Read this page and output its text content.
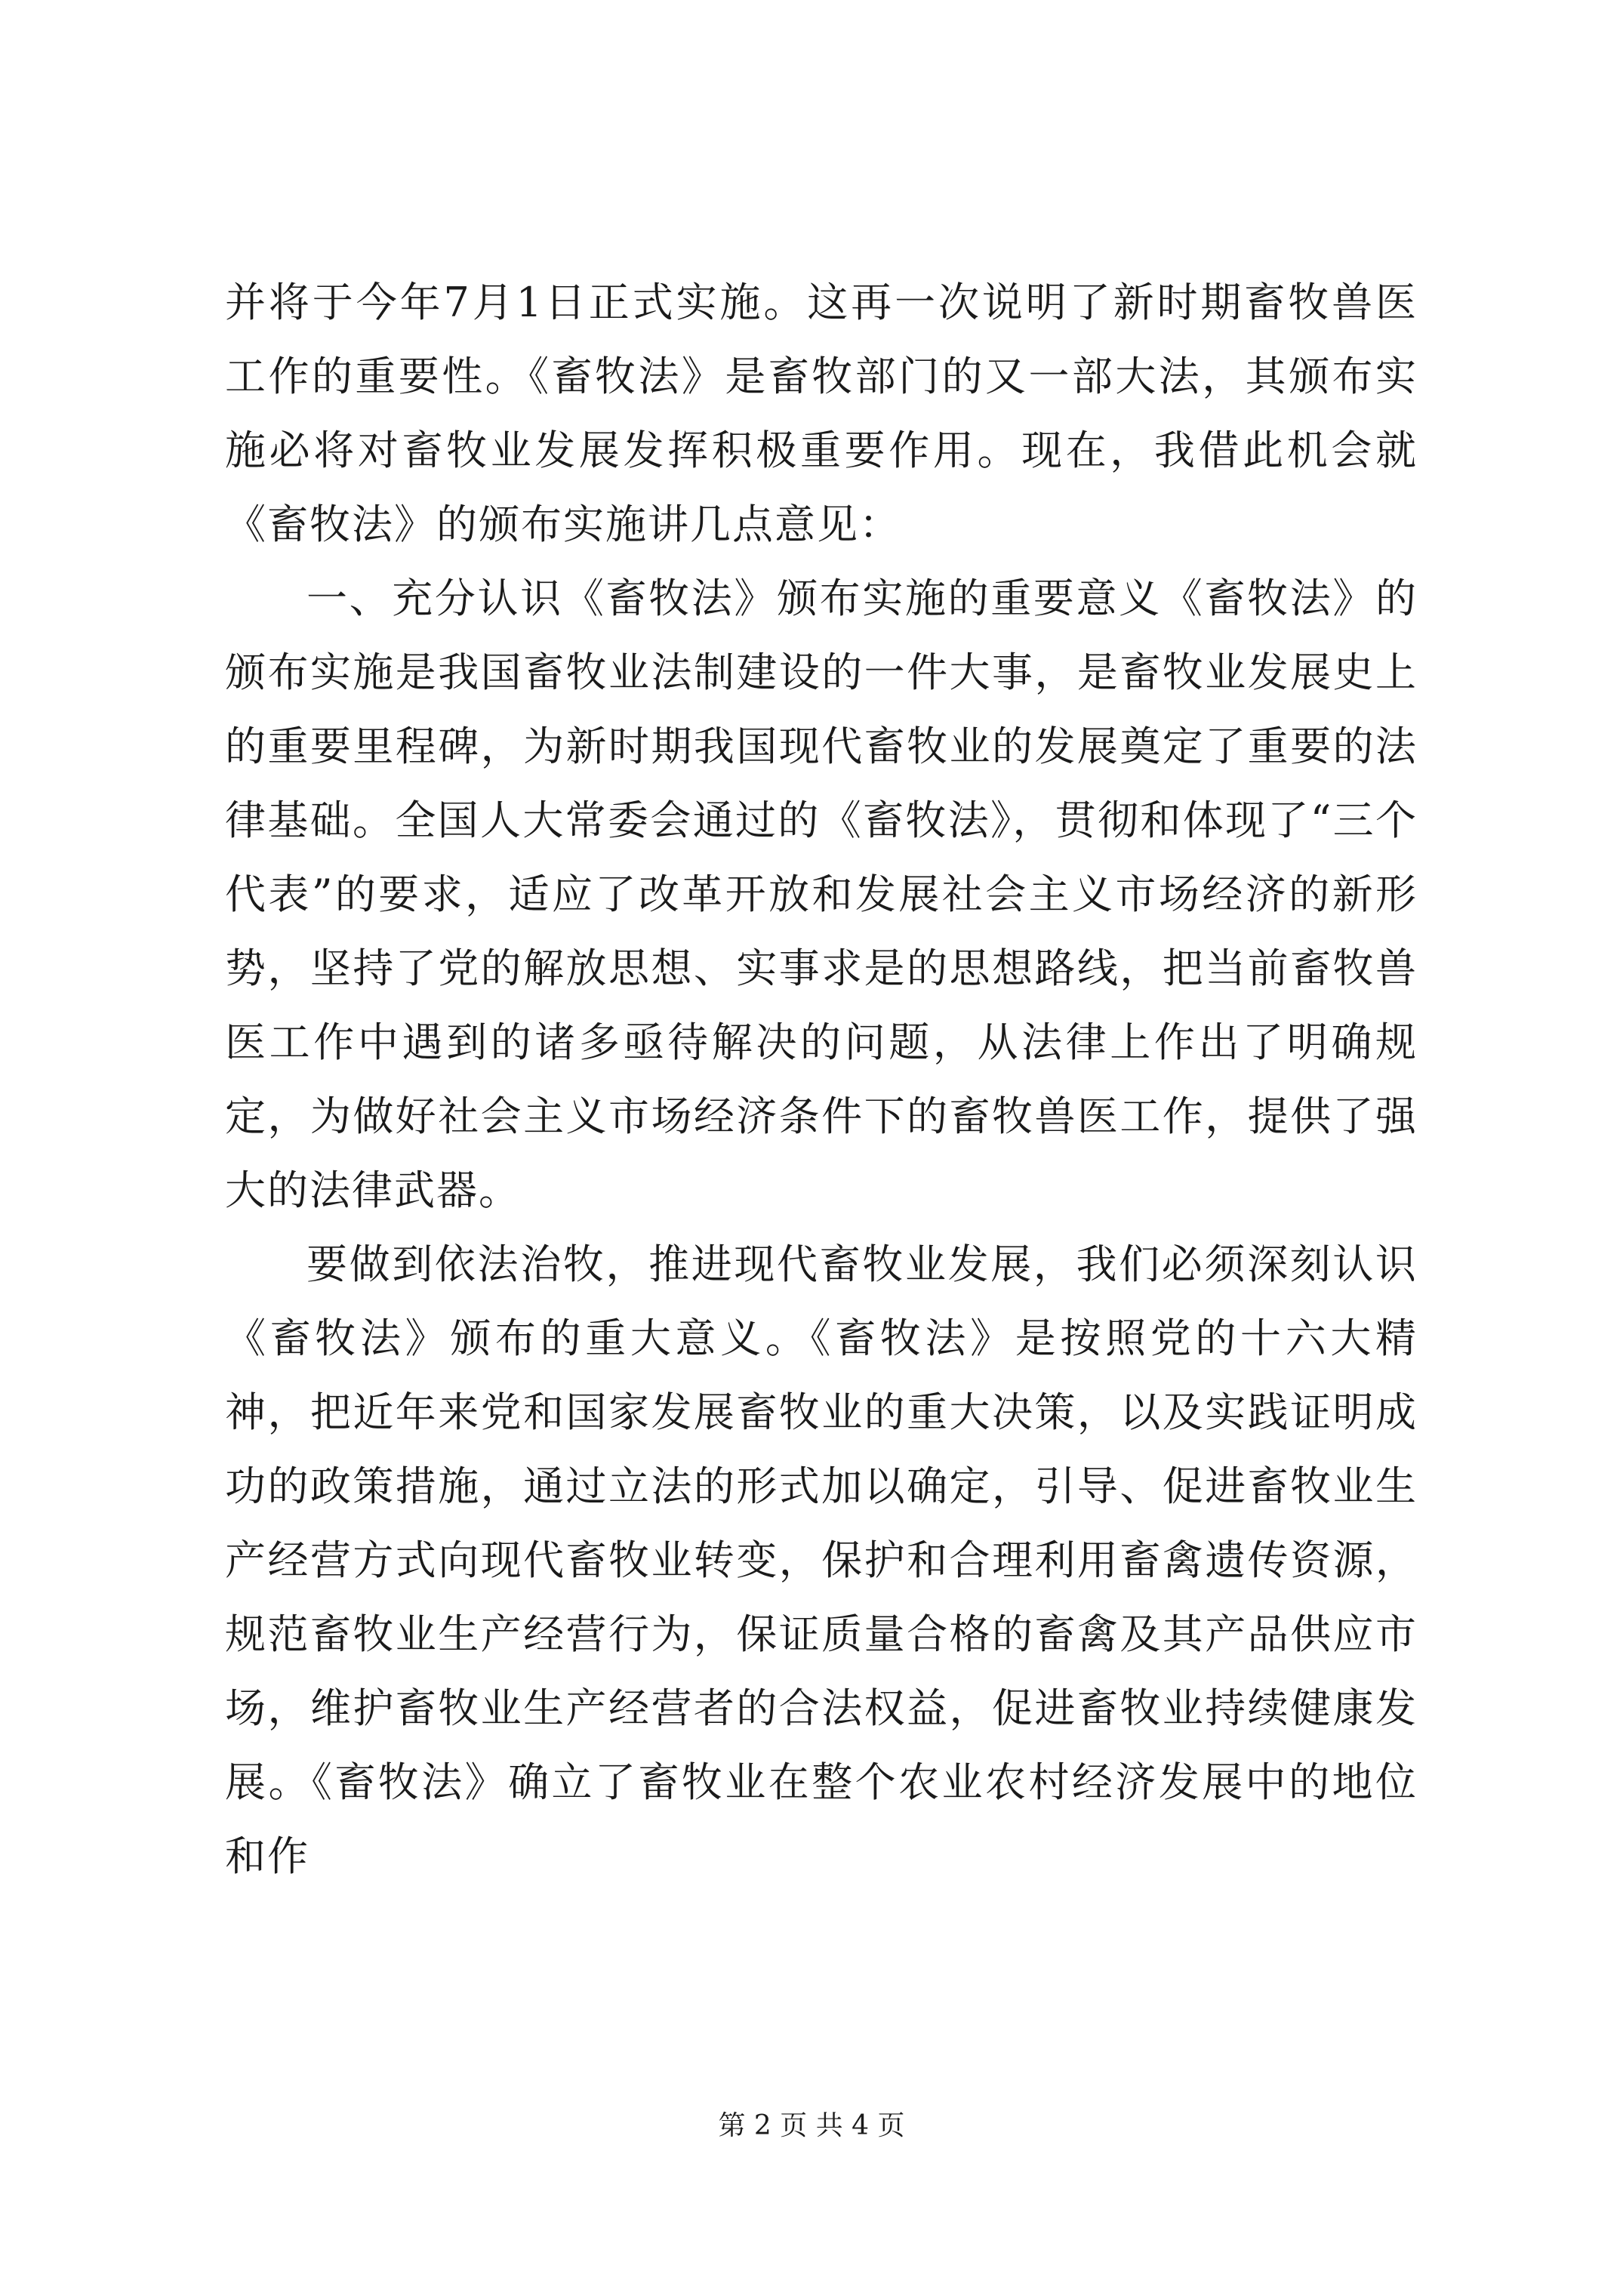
并将于今年7月1日正式实施。这再一次说明了新时期畜牧兽医工作的重要性。《畜牧法》是畜牧部门的又一部大法，其颁布实施必将对畜牧业发展发挥积极重要作用。现在，我借此机会就《畜牧法》的颁布实施讲几点意见：

一、充分认识《畜牧法》颁布实施的重要意义《畜牧法》的颁布实施是我国畜牧业法制建设的一件大事，是畜牧业发展史上的重要里程碑，为新时期我国现代畜牧业的发展奠定了重要的法律基础。全国人大常委会通过的《畜牧法》，贯彻和体现了“三个代表”的要求，适应了改革开放和发展社会主义市场经济的新形势，坚持了党的解放思想、实事求是的思想路线，把当前畜牧兽医工作中遇到的诸多亟待解决的问题，从法律上作出了明确规定，为做好社会主义市场经济条件下的畜牧兽医工作，提供了强大的法律武器。

要做到依法治牧，推进现代畜牧业发展，我们必须深刻认识《畜牧法》颁布的重大意义。《畜牧法》是按照党的十六大精神，把近年来党和国家发展畜牧业的重大决策，以及实践证明成功的政策措施，通过立法的形式加以确定，引导、促进畜牧业生产经营方式向现代畜牧业转变，保护和合理利用畜禽遗传资源，规范畜牧业生产经营行为，保证质量合格的畜禽及其产品供应市场，维护畜牧业生产经营者的合法权益，促进畜牧业持续健康发展。《畜牧法》确立了畜牧业在整个农业农村经济发展中的地位和作

第 2 页 共 4 页
